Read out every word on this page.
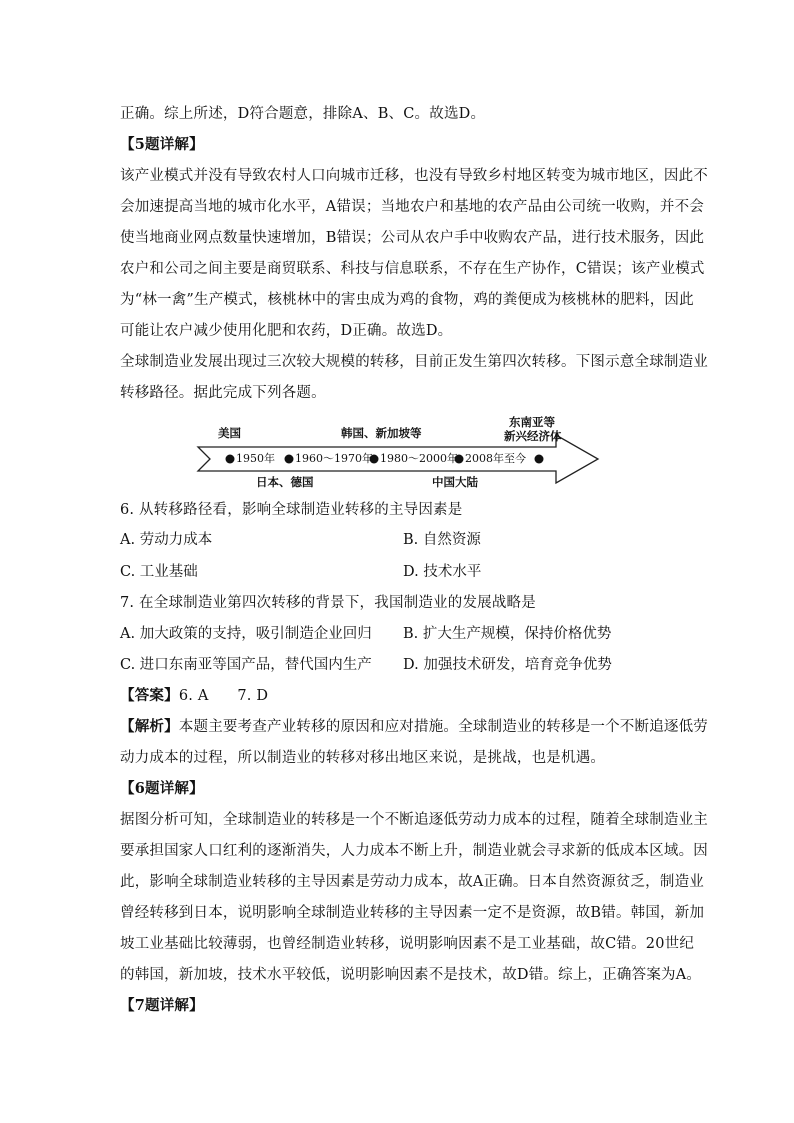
正确。综上所述，D符合题意，排除A、B、C。故选D。
【5题详解】
该产业模式并没有导致农村人口向城市迁移，也没有导致乡村地区转变为城市地区，因此不
会加速提高当地的城市化水平，A错误；当地农户和基地的农产品由公司统一收购，并不会
使当地商业网点数量快速增加，B错误；公司从农户手中收购农产品，进行技术服务，因此
农户和公司之间主要是商贸联系、科技与信息联系，不存在生产协作，C错误；该产业模式
为“林一禽”生产模式，核桃林中的害虫成为鸡的食物，鸡的粪便成为核桃林的肥料，因此
可能让农户减少使用化肥和农药，D正确。故选D。
全球制造业发展出现过三次较大规模的转移，目前正发生第四次转移。下图示意全球制造业
转移路径。据此完成下列各题。
美国	韩国、新加坡等
东南亚等
新兴经济体
1950年 1960～1970年 1980～2000年 2008年至今
日本、德国	中国大陆
6. 从转移路径看，影响全球制造业转移的主导因素是
A. 劳动力成本	B. 自然资源
C. 工业基础	D. 技术水平
7. 在全球制造业第四次转移的背景下，我国制造业的发展战略是
A. 加大政策的支持，吸引制造企业回归 B. 扩大生产规模，保持价格优势
C. 进口东南亚等国产品，替代国内生产 D. 加强技术研发，培育竞争优势
【答案】6. A      7. D
【解析】本题主要考查产业转移的原因和应对措施。全球制造业的转移是一个不断追逐低劳
动力成本的过程，所以制造业的转移对移出地区来说，是挑战，也是机遇。
【6题详解】
据图分析可知，全球制造业的转移是一个不断追逐低劳动力成本的过程，随着全球制造业主
要承担国家人口红利的逐渐消失，人力成本不断上升，制造业就会寻求新的低成本区域。因
此，影响全球制造业转移的主导因素是劳动力成本，故A正确。日本自然资源贫乏，制造业
曾经转移到日本，说明影响全球制造业转移的主导因素一定不是资源，故B错。韩国，新加
坡工业基础比较薄弱，也曾经制造业转移，说明影响因素不是工业基础，故C错。20世纪
的韩国，新加坡，技术水平较低，说明影响因素不是技术，故D错。综上，正确答案为A。
【7题详解】
